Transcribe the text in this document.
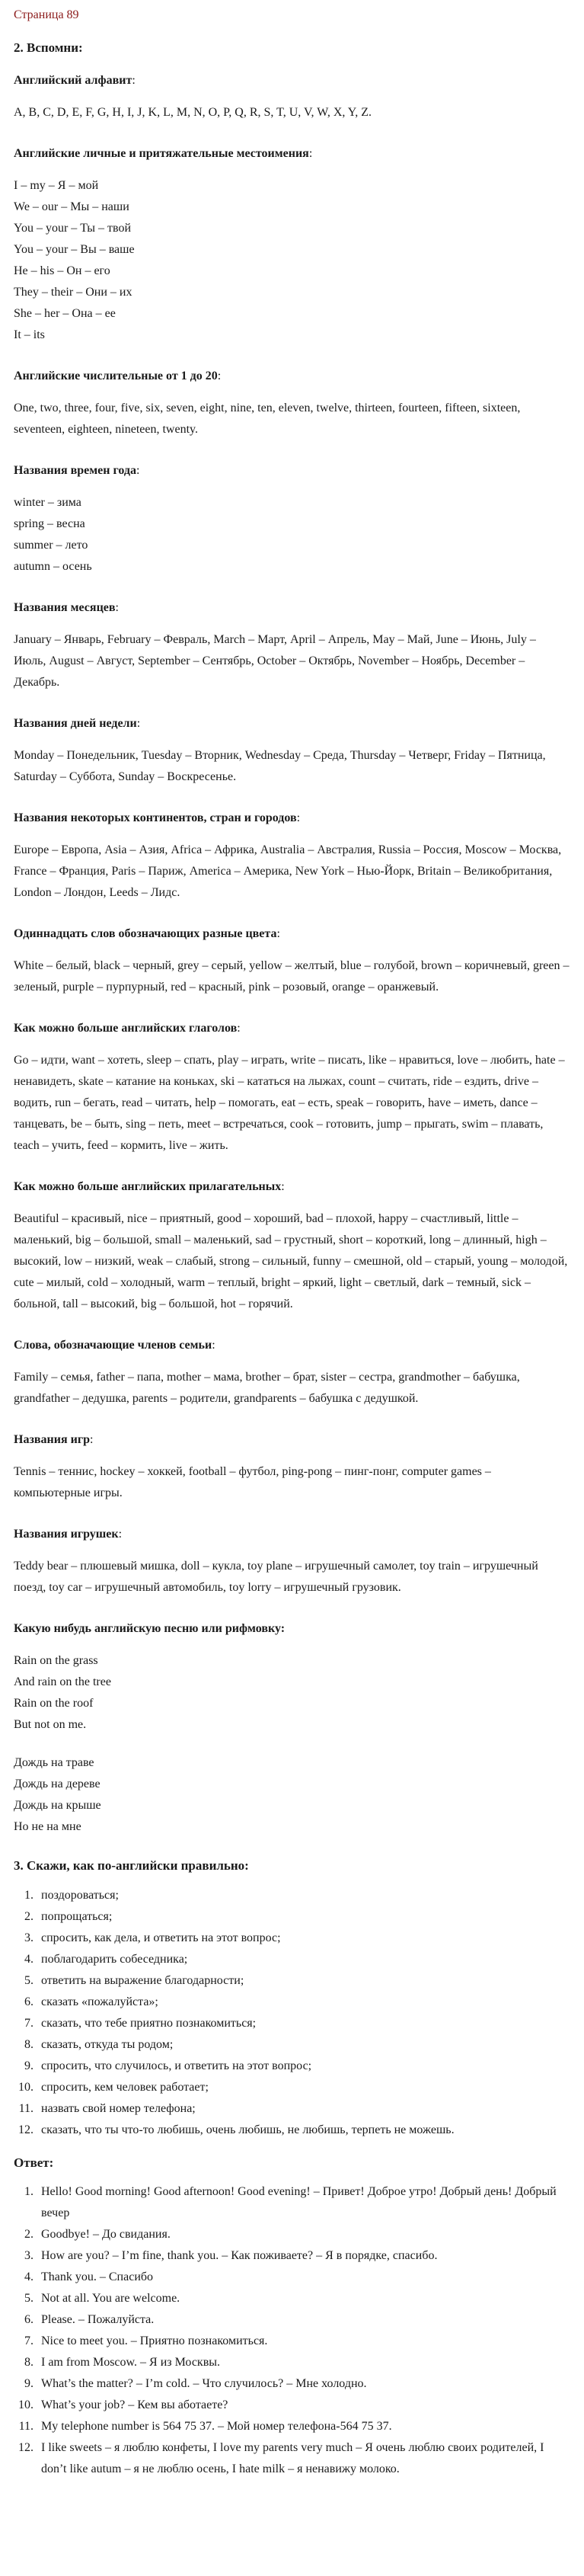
Страница 89
2. Вспомни:
Английский алфавит:

A, B, C, D, E, F, G, H, I, J, K, L, M, N, O, P, Q, R, S, T, U, V, W, X, Y, Z.

Английские личные и притяжательные местоимения:

I – my – Я – мой

We – our – Мы – наши

You – your – Ты – твой

You – your – Вы – ваше

He – his – Он – его

They – their – Они – их

She – her – Она – ее

It – its

Английские числительные от 1 до 20:

One, two, three, four, five, six, seven, eight, nine, ten, eleven, twelve, thirteen, fourteen, fifteen, sixteen, seventeen, eighteen, nineteen, twenty.

Названия времен года:

winter – зима

spring – весна

summer – лето

autumn – осень

Названия месяцев:

January – Январь, February – Февраль, March – Март, April – Апрель, May – Май, June – Июнь, July – Июль, August – Август, September – Сентябрь, October – Октябрь, November – Ноябрь, December – Декабрь.

Названия дней недели:

Monday – Понедельник, Tuesday – Вторник, Wednesday – Среда, Thursday – Четверг, Friday – Пятница, Saturday – Суббота, Sunday – Воскресенье.

Названия некоторых континентов, стран и городов:

Europe – Европа, Asia – Азия, Africa – Африка, Australia – Австралия, Russia – Россия, Moscow – Москва, France – Франция, Paris – Париж, America – Америка, New York – Нью-Йорк, Britain – Великобритания, London – Лондон, Leeds – Лидс.

Одиннадцать слов обозначающих разные цвета:

White – белый, black – черный, grey – серый, yellow – желтый, blue – голубой, brown – коричневый, green – зеленый, purple – пурпурный, red – красный, pink – розовый, orange – оранжевый.

Как можно больше английских глаголов:

Go – идти, want – хотеть, sleep – спать, play – играть, write – писать, like – нравиться, love – любить, hate – ненавидеть, skate – катание на коньках, ski – кататься на лыжах, count – считать, ride – ездить, drive – водить, run – бегать, read – читать, help – помогать, eat – есть, speak – говорить, have – иметь, dance – танцевать, be – быть, sing – петь, meet – встречаться, cook – готовить, jump – прыгать, swim – плавать, teach – учить, feed – кормить, live – жить.

Как можно больше английских прилагательных:

Beautiful – красивый, nice – приятный, good – хороший, bad – плохой, happy – счастливый, little – маленький, big – большой, small – маленький, sad – грустный, short – короткий, long – длинный, high – высокий, low – низкий, weak – слабый, strong – сильный, funny – смешной, old – старый, young – молодой, cute – милый, cold – холодный, warm – теплый, bright – яркий, light – светлый, dark – темный, sick – больной, tall – высокий, big – большой, hot – горячий.

Слова, обозначающие членов семьи:

Family – семья, father – папа, mother – мама, brother – брат, sister – сестра, grandmother – бабушка, grandfather – дедушка, parents – родители, grandparents – бабушка с дедушкой.

Названия игр:

Tennis – теннис, hockey – хоккей, football – футбол, ping-pong – пинг-понг, computer games – компьютерные игры.

Названия игрушек:

Teddy bear – плюшевый мишка, doll – кукла, toy plane – игрушечный самолет, toy train – игрушечный поезд, toy car – игрушечный автомобиль, toy lorry – игрушечный грузовик.

Какую нибудь английскую песню или рифмовку:

Rain on the grass

And rain on the tree

Rain on the roof

But not on me.

Дождь на траве

Дождь на дереве

Дождь на крыше

Но не на мне

3. Скажи, как по-английски правильно:
1. поздороваться;
2. попрощаться;
3. спросить, как дела, и ответить на этот вопрос;
4. поблагодарить собеседника;
5. ответить на выражение благодарности;
6. сказать «пожалуйста»;
7. сказать, что тебе приятно познакомиться;
8. сказать, откуда ты родом;
9. спросить, что случилось, и ответить на этот вопрос;
10. спросить, кем человек работает;
11. назвать свой номер телефона;
12. сказать, что ты что-то любишь, очень любишь, не любишь, терпеть не можешь.
Ответ:
1. Hello! Good morning! Good afternoon! Good evening! – Привет! Доброе утро! Добрый день! Добрый вечер
2. Goodbye! – До свидания.
3. How are you? – I’m fine, thank you. – Как поживаете? – Я в порядке, спасибо.
4. Thank you. – Спасибо
5. Not at all. You are welcome.
6. Please. – Пожалуйста.
7. Nice to meet you. – Приятно познакомиться.
8. I am from Moscow. – Я из Москвы.
9. What’s the matter? – I’m cold. – Что случилось? – Мне холодно.
10. What’s your job? – Кем вы аботаете?
11. My telephone number is 564 75 37. – Мой номер телефона-564 75 37.
12. I like sweets – я люблю конфеты, I love my parents very much – Я очень люблю своих родителей, I don’t like autum – я не люблю осень, I hate milk – я ненавижу молоко.
